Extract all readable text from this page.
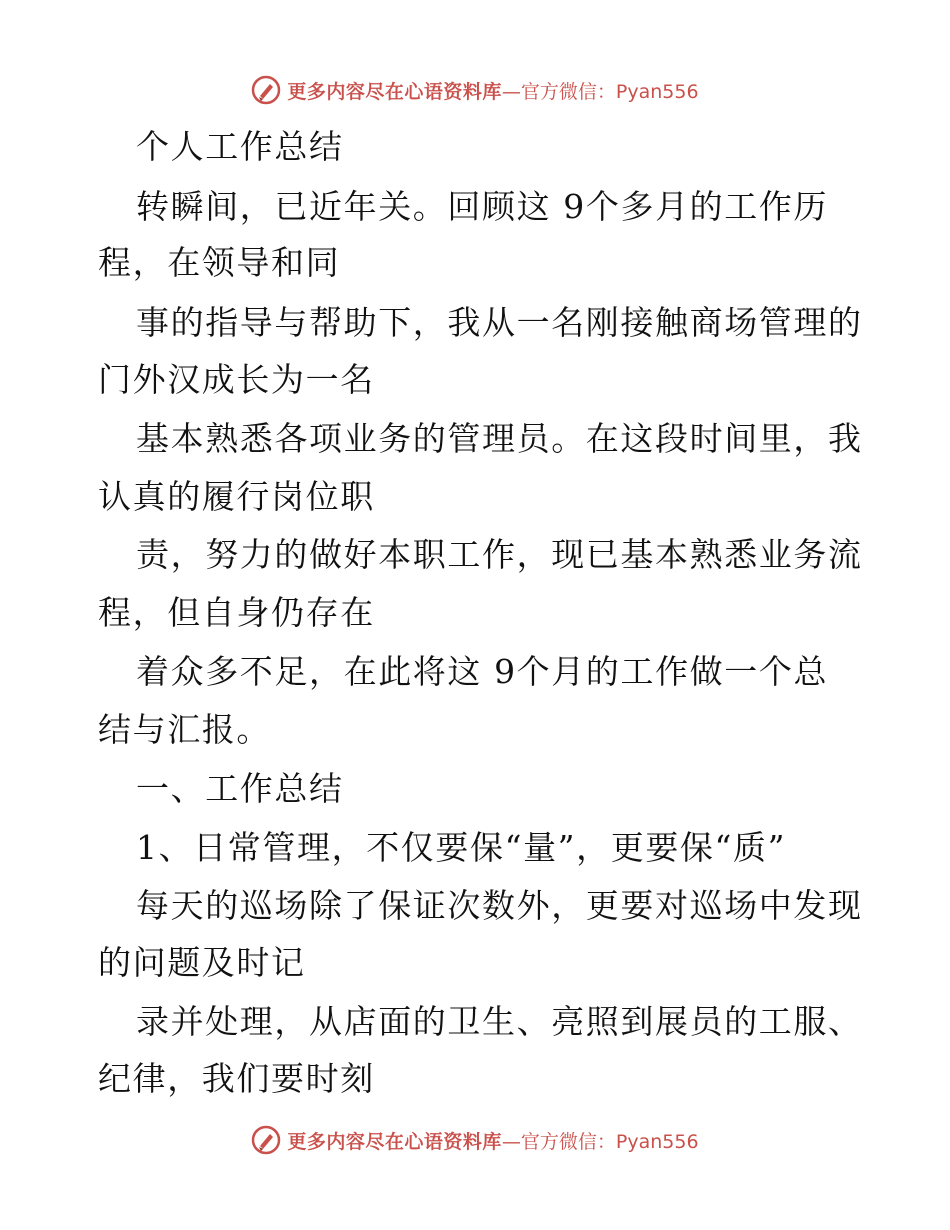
更多内容尽在心语资料库 —官方微信：Pyan556
个人工作总结
转瞬间，已近年关。回顾这 9个多月的工作历
程，在领导和同
事的指导与帮助下，我从一名刚接触商场管理的
门外汉成长为一名
基本熟悉各项业务的管理员。在这段时间里，我
认真的履行岗位职
责，努力的做好本职工作，现已基本熟悉业务流
程，但自身仍存在
着众多不足，在此将这 9个月的工作做一个总
结与汇报。
一、工作总结
1、日常管理，不仅要保“量”，更要保“质”
每天的巡场除了保证次数外，更要对巡场中发现
的问题及时记
录并处理，从店面的卫生、亮照到展员的工服、
纪律，我们要时刻
更多内容尽在心语资料库 —官方微信：Pyan556
